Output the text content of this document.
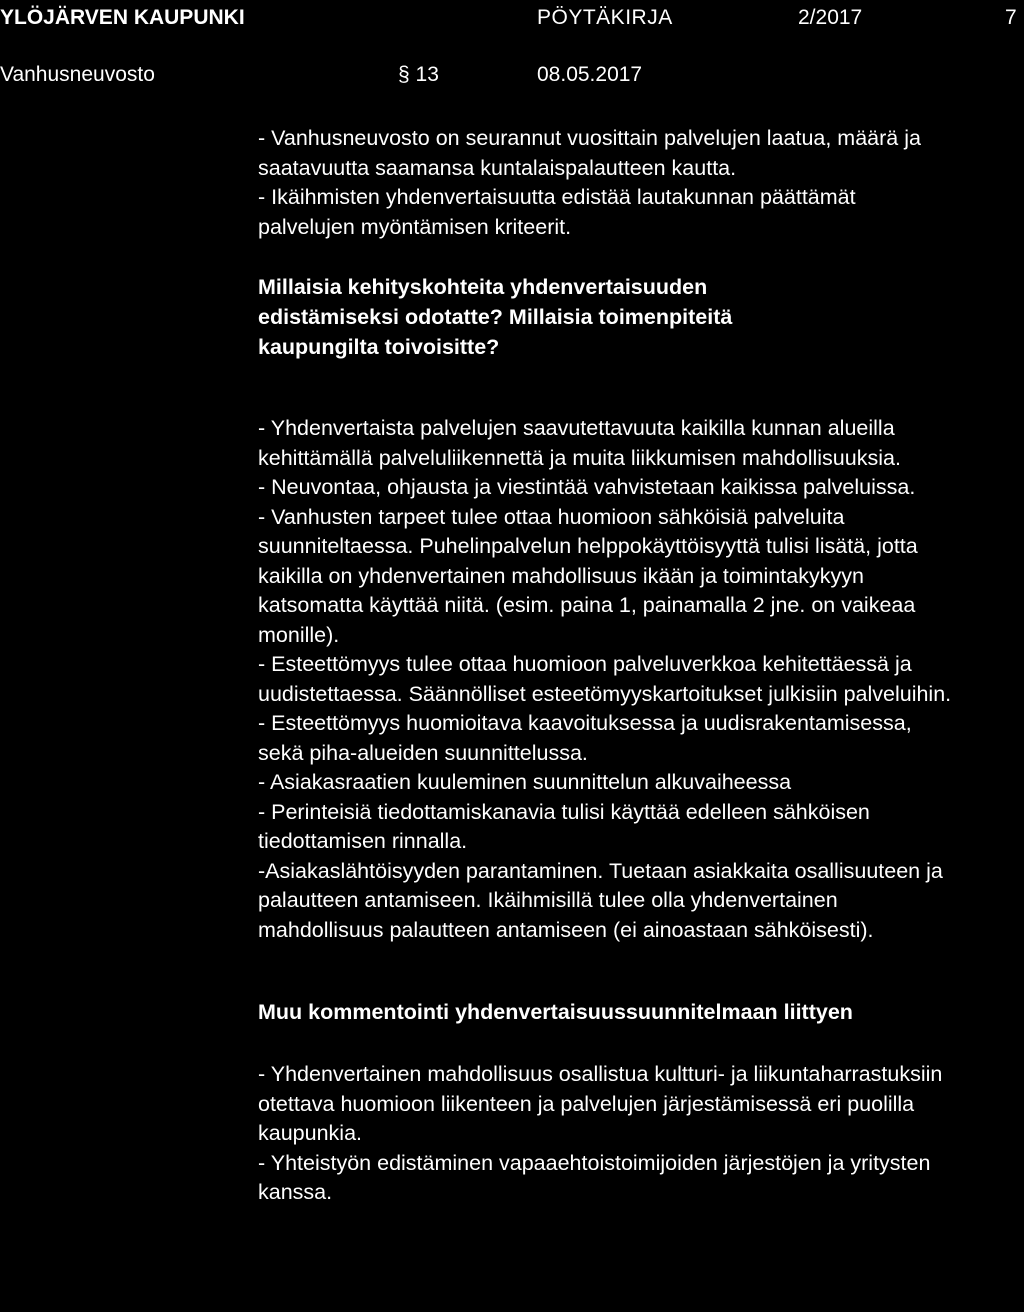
YLÖJÄRVEN KAUPUNKI	PÖYTÄKIRJA	2/2017	7
Vanhusneuvosto	§ 13	08.05.2017

- Vanhusneuvosto on seurannut vuosittain palvelujen laatua, määrä ja saatavuutta saamansa kuntalaispalautteen kautta.

- Ikäihmisten yhdenvertaisuutta edistää lautakunnan päättämät palvelujen myöntämisen kriteerit.

Millaisia kehityskohteita yhdenvertaisuuden edistämiseksi odotatte? Millaisia toimenpiteitä kaupungilta toivoisitte?

- Yhdenvertaista palvelujen saavutettavuuta kaikilla kunnan alueilla kehittämällä palveluliikennettä ja muita liikkumisen mahdollisuuksia.

- Neuvontaa, ohjausta ja viestintää vahvistetaan kaikissa palveluissa.

- Vanhusten tarpeet tulee ottaa huomioon sähköisiä palveluita suunniteltaessa. Puhelinpalvelun helppokäyttöisyyttä tulisi lisätä, jotta kaikilla on yhdenvertainen mahdollisuus ikään ja toimintakykyyn katsomatta käyttää niitä. (esim. paina 1, painamalla 2 jne. on vaikeaa monille).

- Esteettömyys tulee ottaa huomioon palveluverkkoa kehitettäessä ja uudistettaessa. Säännölliset esteetömyyskartoitukset julkisiin palveluihin.

- Esteettömyys huomioitava kaavoituksessa ja uudisrakentamisessa, sekä piha-alueiden suunnittelussa.

- Asiakasraatien kuuleminen suunnittelun alkuvaiheessa

- Perinteisiä tiedottamiskanavia tulisi käyttää edelleen sähköisen tiedottamisen rinnalla.

-Asiakaslähtöisyyden parantaminen. Tuetaan asiakkaita osallisuuteen ja palautteen antamiseen. Ikäihmisillä tulee olla yhdenvertainen mahdollisuus palautteen antamiseen (ei ainoastaan sähköisesti).

Muu kommentointi yhdenvertaisuussuunnitelmaan liittyen

- Yhdenvertainen mahdollisuus osallistua kultturi- ja liikuntaharrastuksiin otettava huomioon liikenteen ja palvelujen järjestämisessä eri puolilla kaupunkia.

- Yhteistyön edistäminen vapaaehtoistoimijoiden järjestöjen ja yritysten kanssa.
